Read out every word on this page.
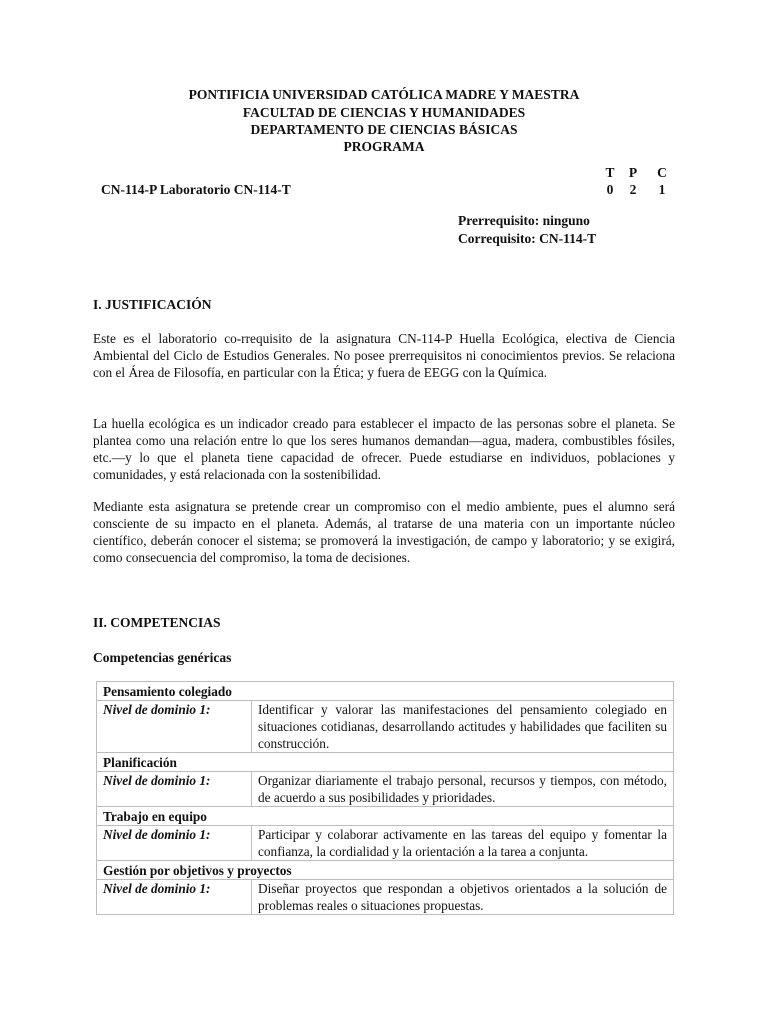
PONTIFICIA UNIVERSIDAD CATÓLICA MADRE Y MAESTRA
FACULTAD DE CIENCIAS Y HUMANIDADES
DEPARTAMENTO DE CIENCIAS BÁSICAS
PROGRAMA
T P C
CN-114-P Laboratorio CN-114-T	0 2 1
Prerrequisito: ninguno
Correquisito: CN-114-T
I. JUSTIFICACIÓN

Este es el laboratorio co-rrequisito de la asignatura CN-114-P Huella Ecológica, electiva de Ciencia Ambiental del Ciclo de Estudios Generales. No posee prerrequisitos ni conocimientos previos. Se relaciona con el Área de Filosofía, en particular con la Ética; y fuera de EEGG con la Química.

La huella ecológica es un indicador creado para establecer el impacto de las personas sobre el planeta. Se plantea como una relación entre lo que los seres humanos demandan—agua, madera, combustibles fósiles, etc.—y lo que el planeta tiene capacidad de ofrecer. Puede estudiarse en individuos, poblaciones y comunidades, y está relacionada con la sostenibilidad.

Mediante esta asignatura se pretende crear un compromiso con el medio ambiente, pues el alumno será consciente de su impacto en el planeta. Además, al tratarse de una materia con un importante núcleo científico, deberán conocer el sistema; se promoverá la investigación, de campo y laboratorio; y se exigirá, como consecuencia del compromiso, la toma de decisiones.

II. COMPETENCIAS
Competencias genéricas
Pensamiento colegiado	
Nivel de dominio 1:	Identificar y valorar las manifestaciones del pensamiento colegiado en situaciones cotidianas, desarrollando actitudes y habilidades que faciliten su construcción.
Planificación	
Nivel de dominio 1:	Organizar diariamente el trabajo personal, recursos y tiempos, con método, de acuerdo a sus posibilidades y prioridades.
Trabajo en equipo	
Nivel de dominio 1:	Participar y colaborar activamente en las tareas del equipo y fomentar la confianza, la cordialidad y la orientación a la tarea a conjunta.
Gestión por objetivos y proyectos	
Nivel de dominio 1:	Diseñar proyectos que respondan a objetivos orientados a la solución de problemas reales o situaciones propuestas.
